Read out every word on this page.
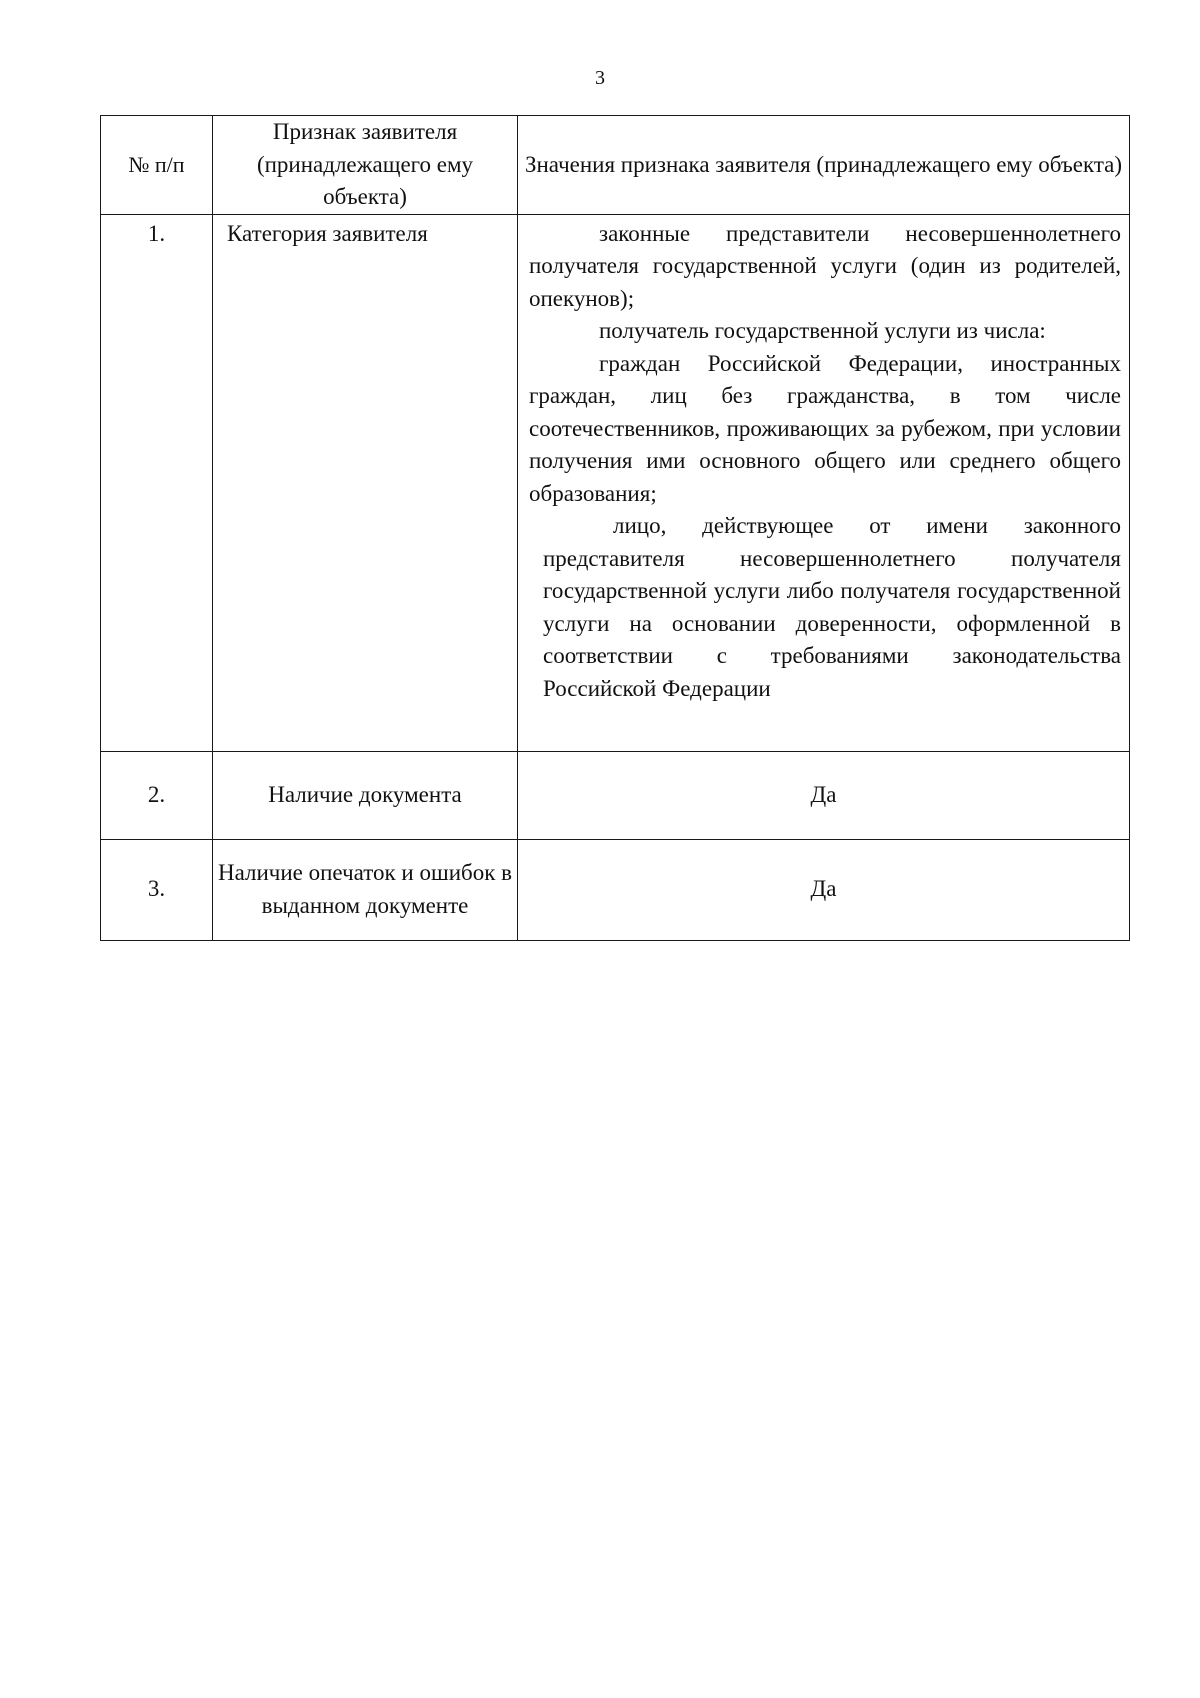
3
№ п/п	Признак заявителя (принадлежащего ему объекта)	Значения признака заявителя (принадлежащего ему объекта)
1.	Категория заявителя	законные представители несовершеннолетнего получателя государственной услуги (один из родителей, опекунов);

получатель государственной услуги из числа:

граждан Российской Федерации, иностранных граждан, лиц без гражданства, в том числе соотечественников, проживающих за рубежом, при условии получения ими основного общего или среднего общего образования;

лицо, действующее от имени законного представителя несовершеннолетнего получателя государственной услуги либо получателя государственной услуги на основании доверенности, оформленной в соответствии с требованиями законодательства Российской Федерации

2.	Наличие документа	Да
3.	Наличие опечаток и ошибок в выданном документе	Да
